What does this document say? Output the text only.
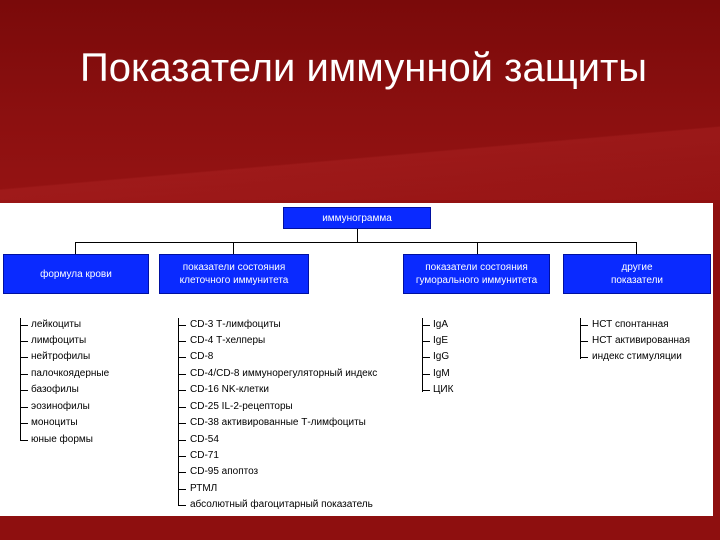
Показатели иммунной защиты
иммунограмма
формула крови
показатели состояния
клеточного иммунитета
показатели состояния
гуморального иммунитета
другие
показатели
лейкоциты
лимфоциты
нейтрофилы
палочкоядерные
базофилы
эозинофилы
моноциты
юные формы
CD-3 Т-лимфоциты
CD-4 Т-хелперы
CD-8
CD-4/CD-8 иммунорегуляторный индекс
CD-16 NK-клетки
CD-25 IL-2-рецепторы
CD-38 активированные Т-лимфоциты
CD-54
CD-71
CD-95 апоптоз
РТМЛ
абсолютный фагоцитарный показатель
IgA
IgE
IgG
IgM
ЦИК
НСТ спонтанная
НСТ активированная
индекс стимуляции
